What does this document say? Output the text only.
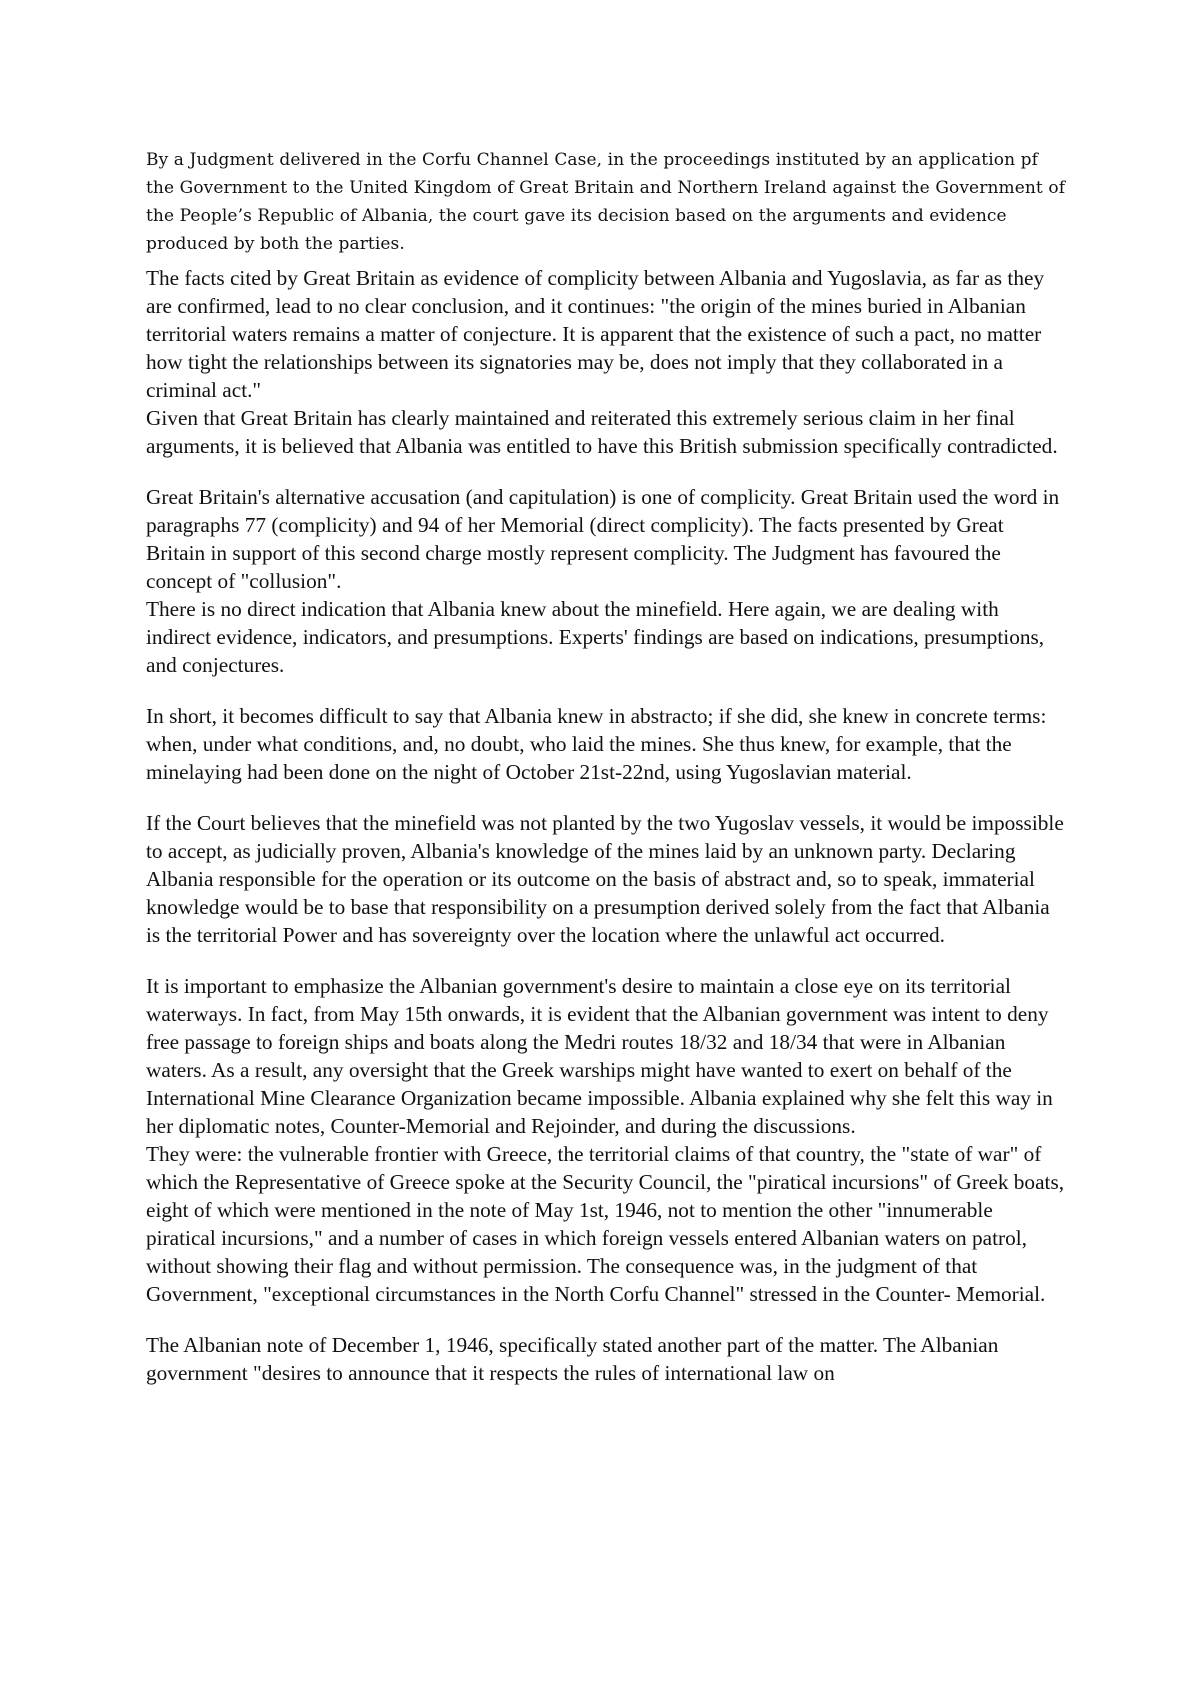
By a Judgment delivered in the Corfu Channel Case, in the proceedings instituted by an application pf the Government to the United Kingdom of Great Britain and Northern Ireland against the Government of the People’s Republic of Albania, the court gave its decision based on the arguments and evidence produced by both the parties.

The facts cited by Great Britain as evidence of complicity between Albania and Yugoslavia, as far as they are confirmed, lead to no clear conclusion, and it continues: "the origin of the mines buried in Albanian territorial waters remains a matter of conjecture. It is apparent that the existence of such a pact, no matter how tight the relationships between its signatories may be, does not imply that they collaborated in a criminal act."

Given that Great Britain has clearly maintained and reiterated this extremely serious claim in her final arguments, it is believed that Albania was entitled to have this British submission specifically contradicted.

Great Britain's alternative accusation (and capitulation) is one of complicity. Great Britain used the word in paragraphs 77 (complicity) and 94 of her Memorial (direct complicity). The facts presented by Great Britain in support of this second charge mostly represent complicity. The Judgment has favoured the concept of "collusion".

There is no direct indication that Albania knew about the minefield. Here again, we are dealing with indirect evidence, indicators, and presumptions. Experts' findings are based on indications, presumptions, and conjectures.

In short, it becomes difficult to say that Albania knew in abstracto; if she did, she knew in concrete terms: when, under what conditions, and, no doubt, who laid the mines. She thus knew, for example, that the minelaying had been done on the night of October 21st-22nd, using Yugoslavian material.

If the Court believes that the minefield was not planted by the two Yugoslav vessels, it would be impossible to accept, as judicially proven, Albania's knowledge of the mines laid by an unknown party. Declaring Albania responsible for the operation or its outcome on the basis of abstract and, so to speak, immaterial knowledge would be to base that responsibility on a presumption derived solely from the fact that Albania is the territorial Power and has sovereignty over the location where the unlawful act occurred.

It is important to emphasize the Albanian government's desire to maintain a close eye on its territorial waterways. In fact, from May 15th onwards, it is evident that the Albanian government was intent to deny free passage to foreign ships and boats along the Medri routes 18/32 and 18/34 that were in Albanian waters. As a result, any oversight that the Greek warships might have wanted to exert on behalf of the International Mine Clearance Organization became impossible. Albania explained why she felt this way in her diplomatic notes, Counter-Memorial and Rejoinder, and during the discussions.

They were: the vulnerable frontier with Greece, the territorial claims of that country, the "state of war" of which the Representative of Greece spoke at the Security Council, the "piratical incursions" of Greek boats, eight of which were mentioned in the note of May 1st, 1946, not to mention the other "innumerable piratical incursions," and a number of cases in which foreign vessels entered Albanian waters on patrol, without showing their flag and without permission. The consequence was, in the judgment of that Government, "exceptional circumstances in the North Corfu Channel" stressed in the Counter- Memorial.

The Albanian note of December 1, 1946, specifically stated another part of the matter. The Albanian government "desires to announce that it respects the rules of international law on
